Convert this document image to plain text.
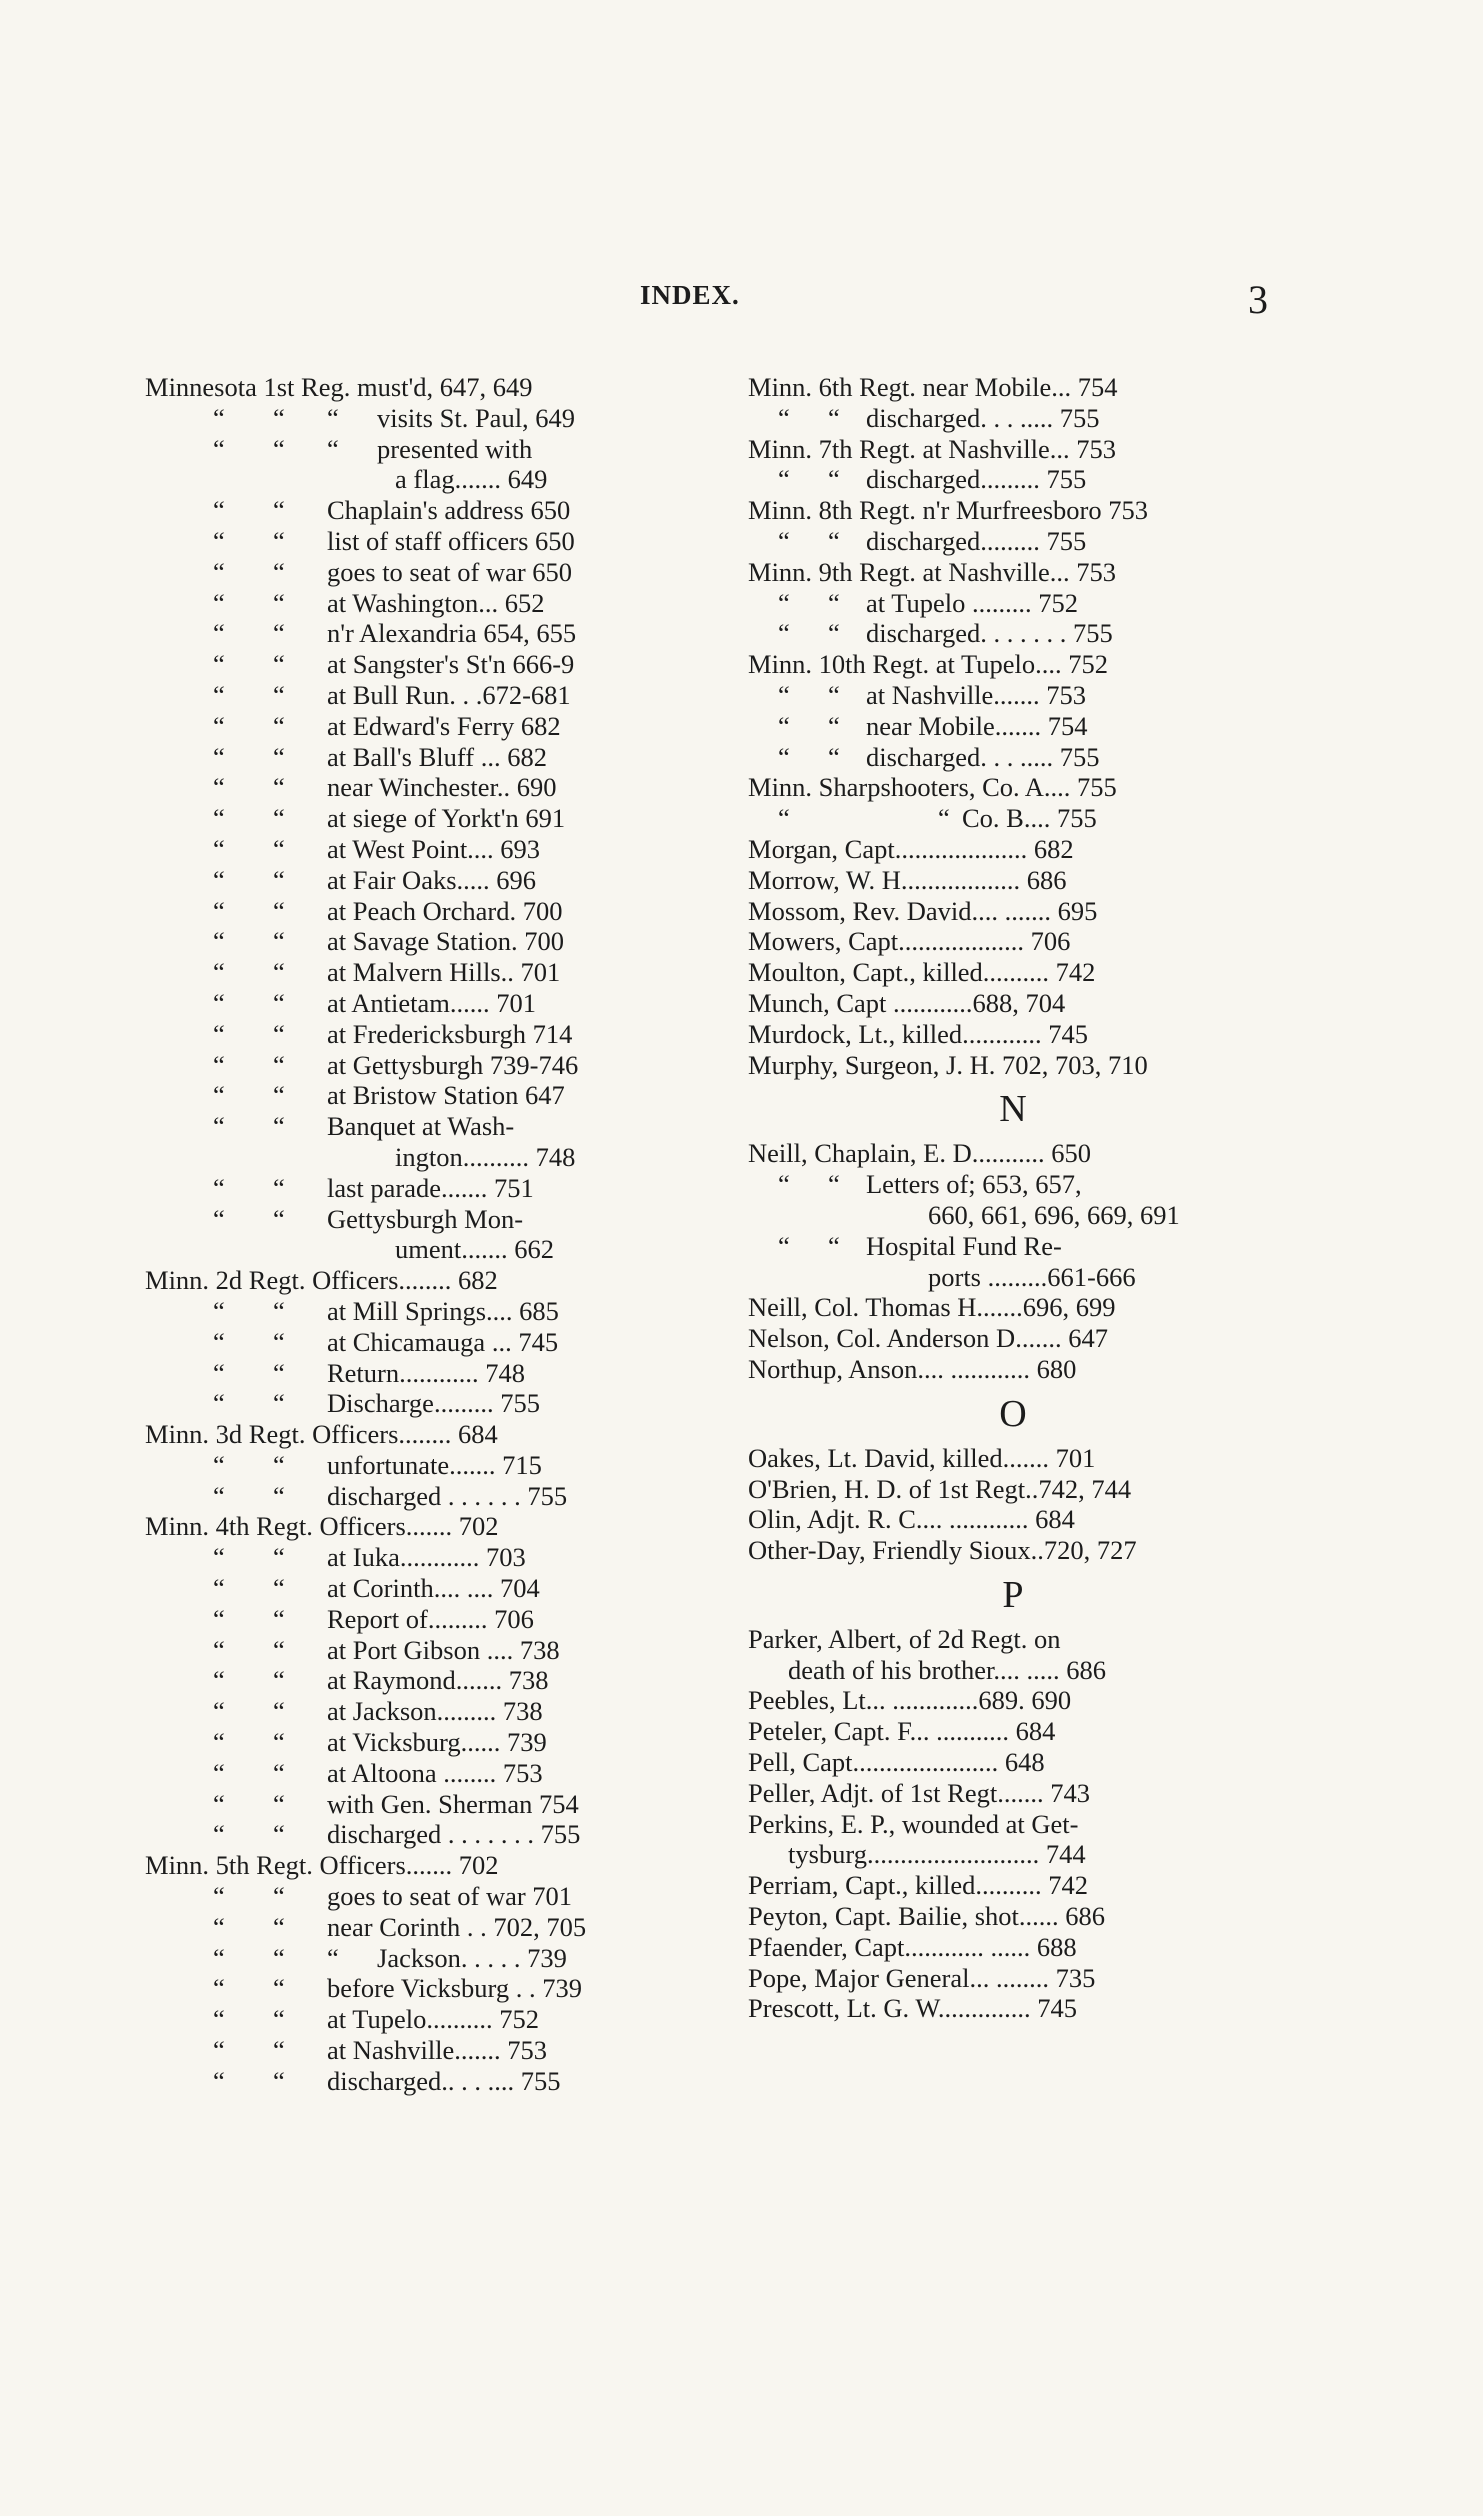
INDEX.	3
Minnesota 1st Reg. must'd, 647, 649
“ “ “ visits St. Paul, 649
“ “ “ presented with
a flag....... 649
“ “ Chaplain's address 650
“ “ list of staff officers 650
“ “ goes to seat of war 650
“ “ at Washington... 652
“ “ n'r Alexandria 654, 655
“ “ at Sangster's St'n 666-9
“ “ at Bull Run. . .672-681
“ “ at Edward's Ferry 682
“ “ at Ball's Bluff ... 682
“ “ near Winchester.. 690
“ “ at siege of Yorkt'n 691
“ “ at West Point.... 693
“ “ at Fair Oaks..... 696
“ “ at Peach Orchard. 700
“ “ at Savage Station. 700
“ “ at Malvern Hills.. 701
“ “ at Antietam...... 701
“ “ at Fredericksburgh 714
“ “ at Gettysburgh 739-746
“ “ at Bristow Station 647
“ “ Banquet at Wash-
ington.......... 748
“ “ last parade....... 751
“ “ Gettysburgh Mon-
ument....... 662
Minn. 2d Regt. Officers........ 682
“ “ at Mill Springs.... 685
“ “ at Chicamauga ... 745
“ “ Return............ 748
“ “ Discharge......... 755
Minn. 3d Regt. Officers........ 684
“ “ unfortunate....... 715
“ “ discharged . . . . . . 755
Minn. 4th Regt. Officers....... 702
“ “ at Iuka............ 703
“ “ at Corinth.... .... 704
“ “ Report of......... 706
“ “ at Port Gibson .... 738
“ “ at Raymond....... 738
“ “ at Jackson......... 738
“ “ at Vicksburg...... 739
“ “ at Altoona ........ 753
“ “ with Gen. Sherman 754
“ “ discharged . . . . . . . 755
Minn. 5th Regt. Officers....... 702
“ “ goes to seat of war 701
“ “ near Corinth . . 702, 705
“ “ “ Jackson. . . . . 739
“ “ before Vicksburg . . 739
“ “ at Tupelo.......... 752
“ “ at Nashville....... 753
“ “ discharged.. . . .... 755
Minn. 6th Regt. near Mobile... 754
“ “ discharged. . . ..... 755
Minn. 7th Regt. at Nashville... 753
“ “ discharged......... 755
Minn. 8th Regt. n'r Murfreesboro 753
“ “ discharged......... 755
Minn. 9th Regt. at Nashville... 753
“ “ at Tupelo ......... 752
“ “ discharged. . . . . . . 755
Minn. 10th Regt. at Tupelo.... 752
“ “ at Nashville....... 753
“ “ near Mobile....... 754
“ “ discharged. . . ..... 755
Minn. Sharpshooters, Co. A.... 755
“	“ Co. B.... 755
Morgan, Capt.................... 682
Morrow, W. H.................. 686
Mossom, Rev. David.... ....... 695
Mowers, Capt................... 706
Moulton, Capt., killed.......... 742
Munch, Capt ............688, 704
Murdock, Lt., killed............ 745
Murphy, Surgeon, J. H. 702, 703, 710
N
Neill, Chaplain, E. D........... 650
“ “ Letters of; 653, 657,
660, 661, 696, 669, 691
“ “ Hospital Fund Re-
ports .........661-666
Neill, Col. Thomas H.......696, 699
Nelson, Col. Anderson D....... 647
Northup, Anson.... ............ 680
O
Oakes, Lt. David, killed....... 701
O'Brien, H. D. of 1st Regt..742, 744
Olin, Adjt. R. C.... ............ 684
Other-Day, Friendly Sioux..720, 727
P
Parker, Albert, of 2d Regt. on
death of his brother.... ..... 686
Peebles, Lt... .............689. 690
Peteler, Capt. F... ........... 684
Pell, Capt...................... 648
Peller, Adjt. of 1st Regt....... 743
Perkins, E. P., wounded at Get-
tysburg.......................... 744
Perriam, Capt., killed.......... 742
Peyton, Capt. Bailie, shot...... 686
Pfaender, Capt............ ...... 688
Pope, Major General... ........ 735
Prescott, Lt. G. W.............. 745
